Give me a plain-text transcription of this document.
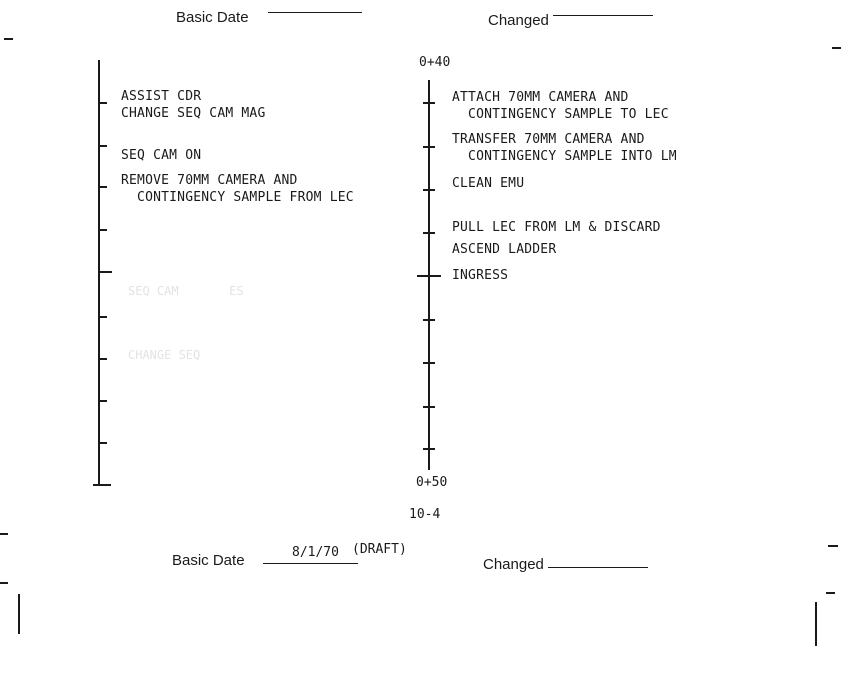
Basic Date	Changed
SEQ CAM       ES
CHANGE SEQ
ASSIST CDR
CHANGE SEQ CAM MAG
SEQ CAM ON
REMOVE 70MM CAMERA AND
CONTINGENCY SAMPLE FROM LEC
0+40
0+50
ATTACH 70MM CAMERA AND
CONTINGENCY SAMPLE TO LEC
TRANSFER 70MM CAMERA AND
CONTINGENCY SAMPLE INTO LM
CLEAN EMU
PULL LEC FROM LM & DISCARD
ASCEND LADDER
INGRESS
10-4
Basic Date	8/1/70 (DRAFT)
Changed
